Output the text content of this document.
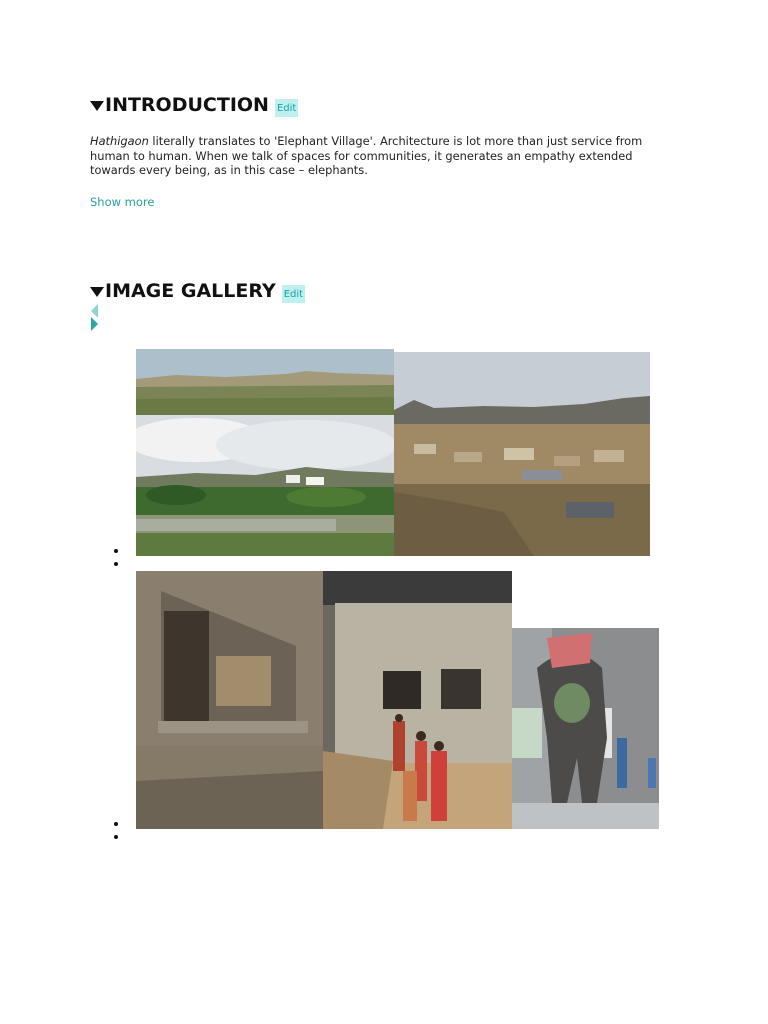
INTRODUCTION Edit
Hathigaon literally translates to 'Elephant Village'. Architecture is lot more than just service from human to human. When we talk of spaces for communities, it generates an empathy extended towards every being, as in this case – elephants.
Show more
IMAGE GALLERY Edit
